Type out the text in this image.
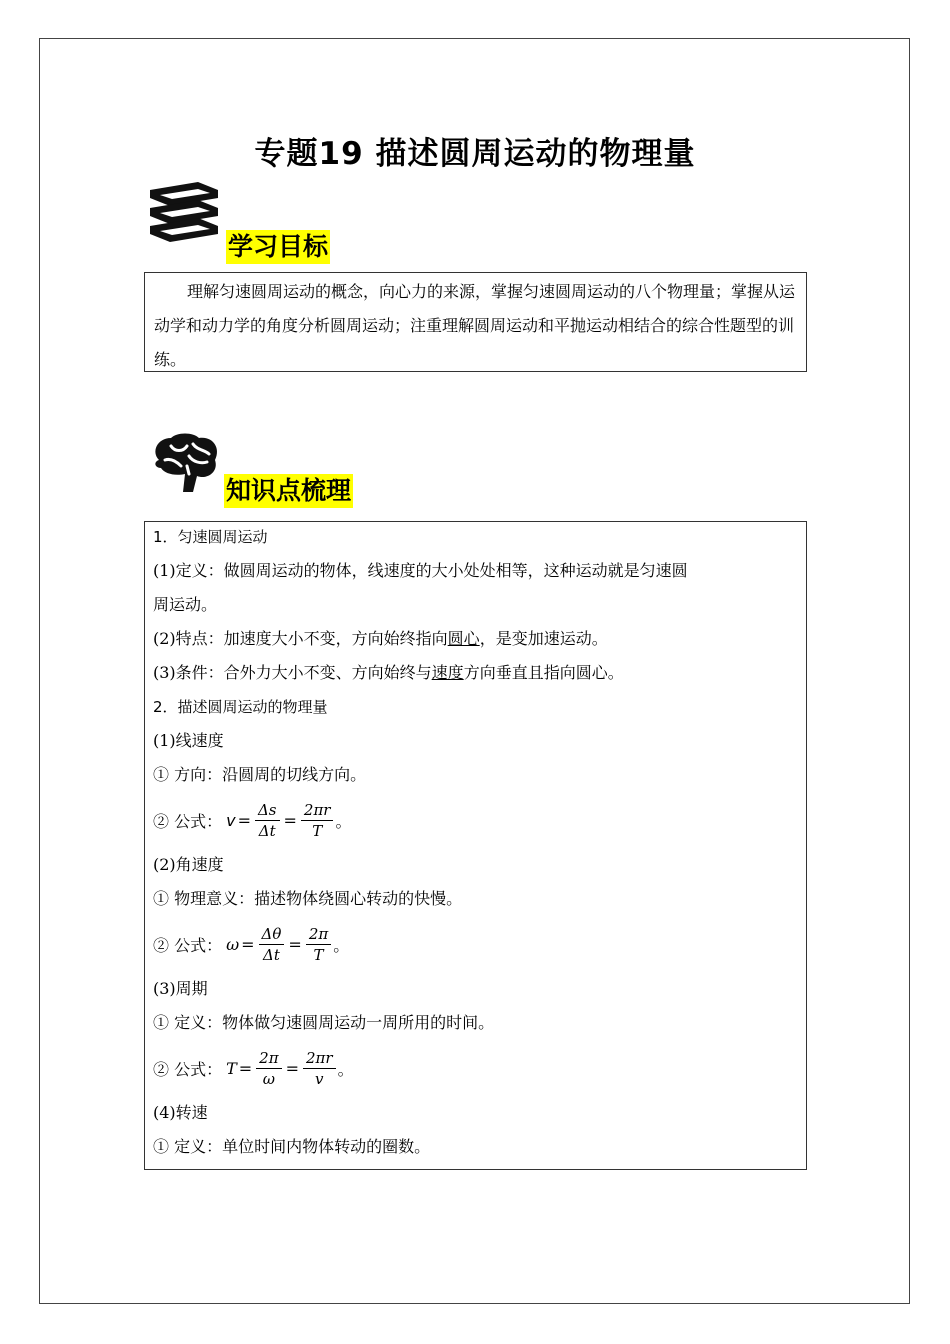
专题19 描述圆周运动的物理量
学习目标
理解匀速圆周运动的概念，向心力的来源，掌握匀速圆周运动的八个物理量；掌握从运动学和动力学的角度分析圆周运动；注重理解圆周运动和平抛运动相结合的综合性题型的训练。
知识点梳理
1．匀速圆周运动
(1)定义：做圆周运动的物体，线速度的大小处处相等，这种运动就是匀速圆
周运动。
(2)特点：加速度大小不变，方向始终指向圆心，是变加速运动。
(3)条件：合外力大小不变、方向始终与速度方向垂直且指向圆心。
2．描述圆周运动的物理量
(1)线速度
① 方向：沿圆周的切线方向。
② 公式： $v = \frac{\Delta s}{\Delta t} = \frac{2\pi r}{T}$ 。
(2)角速度
① 物理意义：描述物体绕圆心转动的快慢。
② 公式： $\omega = \frac{\Delta\theta}{\Delta t} = \frac{2\pi}{T}$ 。
(3)周期
① 定义：物体做匀速圆周运动一周所用的时间。
② 公式： $T = \frac{2\pi}{\omega} = \frac{2\pi r}{v}$ 。
(4)转速
① 定义：单位时间内物体转动的圈数。
